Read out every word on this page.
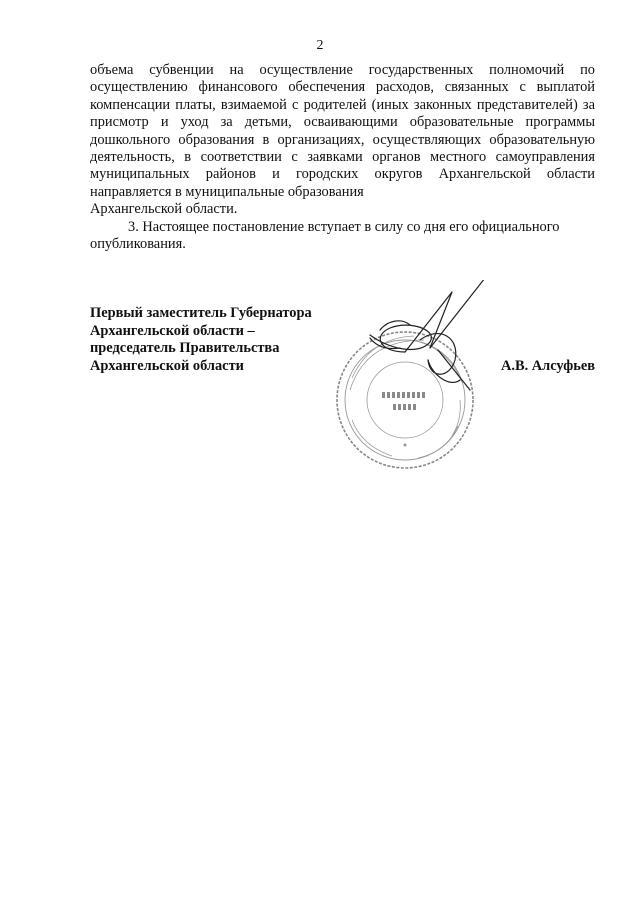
2

объема субвенции на осуществление государственных полномочий по осуществлению финансового обеспечения расходов, связанных с выплатой компенсации платы, взимаемой с родителей (иных законных представителей) за присмотр и уход за детьми, осваивающими образовательные программы дошкольного образования в организациях, осуществляющих образовательную деятельность, в соответствии с заявками органов местного самоуправления муниципальных районов и городских округов Архангельской области направляется в муниципальные образования

Архангельской области.

3. Настоящее постановление вступает в силу со дня его официального

опубликования.

Первый заместитель Губернатора
Архангельской области –
председатель Правительства
Архангельской области	А.В. Алсуфьев
